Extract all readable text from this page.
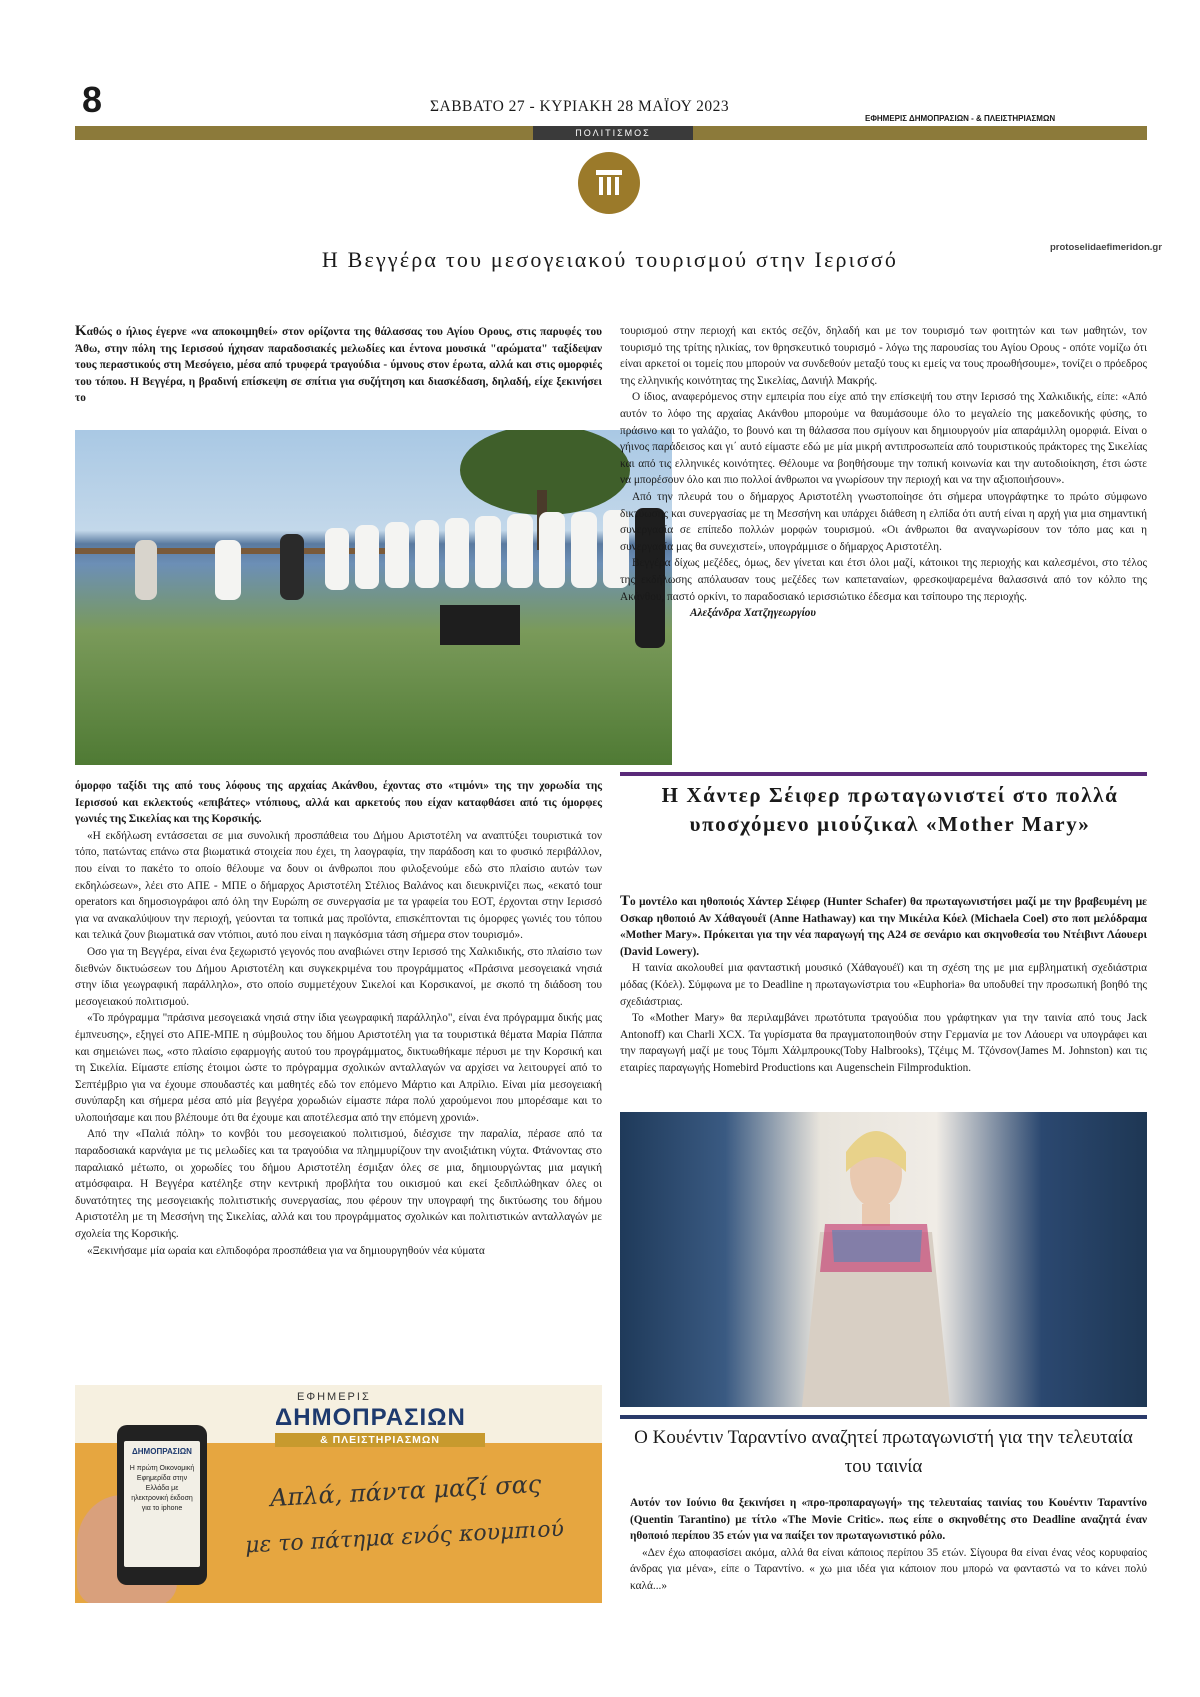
8	ΣΑΒΒΑΤΟ 27 - ΚΥΡΙΑΚΗ 28 ΜΑΪΟΥ 2023
ΕΦΗΜΕΡΙΣ ΔΗΜΟΠΡΑΣΙΩΝ - & ΠΛΕΙΣΤΗΡΙΑΣΜΩΝ
ΠΟΛΙΤΙΣΜΟΣ
protoselidaefimeridon.gr
Η Βεγγέρα του μεσογειακού τουρισμού στην Ιερισσό

Καθώς ο ήλιος έγερνε «να αποκοιμηθεί» στον ορίζοντα της θάλασσας του Αγίου Ορους, στις παρυφές του Άθω, στην πόλη της Ιερισσού ήχησαν παραδοσιακές μελωδίες και έντονα μουσικά "αρώματα" ταξίδεψαν τους περαστικούς στη Μεσόγειο, μέσα από τρυφερά τραγούδια - ύμνους στον έρωτα, αλλά και στις ομορφιές του τόπου. Η Βεγγέρα, η βραδινή επίσκεψη σε σπίτια για συζήτηση και διασκέδαση, δηλαδή, είχε ξεκινήσει το

όμορφο ταξίδι της από τους λόφους της αρχαίας Ακάνθου, έχοντας στο «τιμόνι» της την χορωδία της Ιερισσού και εκλεκτούς «επιβάτες» ντόπιους, αλλά και αρκετούς που είχαν καταφθάσει από τις όμορφες γωνιές της Σικελίας και της Κορσικής.

«Η εκδήλωση εντάσσεται σε μια συνολική προσπάθεια του Δήμου Αριστοτέλη να αναπτύξει τουριστικά τον τόπο, πατώντας επάνω στα βιωματικά στοιχεία που έχει, τη λαογραφία, την παράδοση και το φυσικό περιβάλλον, που είναι το πακέτο το οποίο θέλουμε να δουν οι άνθρωποι που φιλοξενούμε εδώ στο πλαίσιο αυτών των εκδηλώσεων», λέει στο ΑΠΕ - ΜΠΕ ο δήμαρχος Αριστοτέλη Στέλιος Βαλάνος και διευκρινίζει πως, «εκατό tour operators και δημοσιογράφοι από όλη την Ευρώπη σε συνεργασία με τα γραφεία του ΕΟΤ, έρχονται στην Ιερισσό για να ανακαλύψουν την περιοχή, γεύονται τα τοπικά μας προϊόντα, επισκέπτονται τις όμορφες γωνιές του τόπου και τελικά ζουν βιωματικά σαν ντόπιοι, αυτό που είναι η παγκόσμια τάση σήμερα στον τουρισμό».

Οσο για τη Βεγγέρα, είναι ένα ξεχωριστό γεγονός που αναβιώνει στην Ιερισσό της Χαλκιδικής, στο πλαίσιο των διεθνών δικτυώσεων του Δήμου Αριστοτέλη και συγκεκριμένα του προγράμματος «Πράσινα μεσογειακά νησιά στην ίδια γεωγραφική παράλληλο», στο οποίο συμμετέχουν Σικελοί και Κορσικανοί, με σκοπό τη διάδοση του μεσογειακού πολιτισμού.

«Το πρόγραμμα "πράσινα μεσογειακά νησιά στην ίδια γεωγραφική παράλληλο", είναι ένα πρόγραμμα δικής μας έμπνευσης», εξηγεί στο ΑΠΕ-ΜΠΕ η σύμβουλος του δήμου Αριστοτέλη για τα τουριστικά θέματα Μαρία Πάππα και σημειώνει πως, «στο πλαίσιο εφαρμογής αυτού του προγράμματος, δικτυωθήκαμε πέρυσι με την Κορσική και τη Σικελία. Είμαστε επίσης έτοιμοι ώστε το πρόγραμμα σχολικών ανταλλαγών να αρχίσει να λειτουργεί από το Σεπτέμβριο για να έχουμε σπουδαστές και μαθητές εδώ τον επόμενο Μάρτιο και Απρίλιο. Είναι μία μεσογειακή συνύπαρξη και σήμερα μέσα από μία βεγγέρα χορωδιών είμαστε πάρα πολύ χαρούμενοι που μπορέσαμε και το υλοποιήσαμε και που βλέπουμε ότι θα έχουμε και αποτέλεσμα από την επόμενη χρονιά».

Από την «Παλιά πόλη» το κονβόι του μεσογειακού πολιτισμού, διέσχισε την παραλία, πέρασε από τα παραδοσιακά καρνάγια με τις μελωδίες και τα τραγούδια να πλημμυρίζουν την ανοιξιάτικη νύχτα. Φτάνοντας στο παραλιακό μέτωπο, οι χορωδίες του δήμου Αριστοτέλη έσμιξαν όλες σε μια, δημιουργώντας μια μαγική ατμόσφαιρα. Η Βεγγέρα κατέληξε στην κεντρική προβλήτα του οικισμού και εκεί ξεδιπλώθηκαν όλες οι δυνατότητες της μεσογειακής πολιτιστικής συνεργασίας, που φέρουν την υπογραφή της δικτύωσης του δήμου Αριστοτέλη με τη Μεσσήνη της Σικελίας, αλλά και του προγράμματος σχολικών και πολιτιστικών ανταλλαγών με σχολεία της Κορσικής.

«Ξεκινήσαμε μία ωραία και ελπιδοφόρα προσπάθεια για να δημιουργηθούν νέα κύματα

τουρισμού στην περιοχή και εκτός σεζόν, δηλαδή και με τον τουρισμό των φοιτητών και των μαθητών, τον τουρισμό της τρίτης ηλικίας, τον θρησκευτικό τουρισμό - λόγω της παρουσίας του Αγίου Ορους - οπότε νομίζω ότι είναι αρκετοί οι τομείς που μπορούν να συνδεθούν μεταξύ τους κι εμείς να τους προωθήσουμε», τονίζει ο πρόεδρος της ελληνικής κοινότητας της Σικελίας, Δανιήλ Μακρής.

Ο ίδιος, αναφερόμενος στην εμπειρία που είχε από την επίσκεψή του στην Ιερισσό της Χαλκιδικής, είπε: «Από αυτόν το λόφο της αρχαίας Ακάνθου μπορούμε να θαυμάσουμε όλο το μεγαλείο της μακεδονικής φύσης, το πράσινο και το γαλάζιο, το βουνό και τη θάλασσα που σμίγουν και δημιουργούν μία απαράμιλλη ομορφιά. Είναι ο γήινος παράδεισος και γι΄ αυτό είμαστε εδώ με μία μικρή αντιπροσωπεία από τουριστικούς πράκτορες της Σικελίας και από τις ελληνικές κοινότητες. Θέλουμε να βοηθήσουμε την τοπική κοινωνία και την αυτοδιοίκηση, έτσι ώστε να μπορέσουν όλο και πιο πολλοί άνθρωποι να γνωρίσουν την περιοχή και να την αξιοποιήσουν».

Από την πλευρά του ο δήμαρχος Αριστοτέλη γνωστοποίησε ότι σήμερα υπογράφτηκε το πρώτο σύμφωνο δικτύωσης και συνεργασίας με τη Μεσσήνη και υπάρχει διάθεση η ελπίδα ότι αυτή είναι η αρχή για μια σημαντική συνεργασία σε επίπεδο πολλών μορφών τουρισμού. «Οι άνθρωποι θα αναγνωρίσουν τον τόπο μας και η συνεργασία μας θα συνεχιστεί», υπογράμμισε ο δήμαρχος Αριστοτέλη.

Βεγγέρα δίχως μεζέδες, όμως, δεν γίνεται και έτσι όλοι μαζί, κάτοικοι της περιοχής και καλεσμένοι, στο τέλος της εκδήλωσης απόλαυσαν τους μεζέδες των καπεταναίων, φρεσκοψαρεμένα θαλασσινά από τον κόλπο της Ακάνθου, παστό ορκίνι, το παραδοσιακό ιερισσιώτικο έδεσμα και τσίπουρο της περιοχής.

Αλεξάνδρα Χατζηγεωργίου

Η Χάντερ Σέιφερ πρωταγωνιστεί στο πολλά υποσχόμενο μιούζικαλ «Mother Mary»

Το μοντέλο και ηθοποιός Χάντερ Σέιφερ (Hunter Schafer) θα πρωταγωνιστήσει μαζί με την βραβευμένη με Οσκαρ ηθοποιό Αν Χάθαγουέϊ (Anne Hathaway) και την Μικέιλα Κόελ (Michaela Coel) στο ποπ μελόδραμα «Mother Mary». Πρόκειται για την νέα παραγωγή της A24 σε σενάριο και σκηνοθεσία του Ντέιβιντ Λάουερι (David Lowery).

Η ταινία ακολουθεί μια φανταστική μουσικό (Χάθαγουέϊ) και τη σχέση της με μια εμβληματική σχεδιάστρια μόδας (Κόελ). Σύμφωνα με το Deadline η πρωταγωνίστρια του «Euphoria» θα υποδυθεί την προσωπική βοηθό της σχεδιάστριας.

Το «Mother Mary» θα περιλαμβάνει πρωτότυπα τραγούδια που γράφτηκαν για την ταινία από τους Jack Antonoff) και Charli XCX. Τα γυρίσματα θα πραγματοποιηθούν στην Γερμανία με τον Λάουερι να υπογράφει και την παραγωγή μαζί με τους Τόμπι Χάλμπρουκς(Toby Halbrooks), Τζέιμς Μ. Τζόνσον(James M. Johnston) και τις εταιρίες παραγωγής Homebird Productions και Augenschein Filmproduktion.

Ο Κουέντιν Ταραντίνο αναζητεί πρωταγωνιστή για την τελευταία του ταινία

Αυτόν τον Ιούνιο θα ξεκινήσει η «προ-προπαραγωγή» της τελευταίας ταινίας του Κουέντιν Ταραντίνο (Quentin Tarantino) με τίτλο «The Movie Critic». πως είπε ο σκηνοθέτης στο Deadline αναζητά έναν ηθοποιό περίπου 35 ετών για να παίξει τον πρωταγωνιστικό ρόλο.

«Δεν έχω αποφασίσει ακόμα, αλλά θα είναι κάποιος περίπου 35 ετών. Σίγουρα θα είναι ένας νέος κορυφαίος άνδρας για μένα», είπε ο Ταραντίνο. « χω μια ιδέα για κάποιον που μπορώ να φανταστώ να το κάνει πολύ καλά...»

ΕΦΗΜΕΡΙΣ
ΔΗΜΟΠΡΑΣΙΩΝ
& ΠΛΕΙΣΤΗΡΙΑΣΜΩΝ
Απλά, πάντα μαζί σας
με το πάτημα ενός κουμπιού
ΔΗΜΟΠΡΑΣΙΩΝ
Η πρώτη Οικονομική Εφημερίδα στην Ελλάδα με ηλεκτρονική έκδοση για το iphone
